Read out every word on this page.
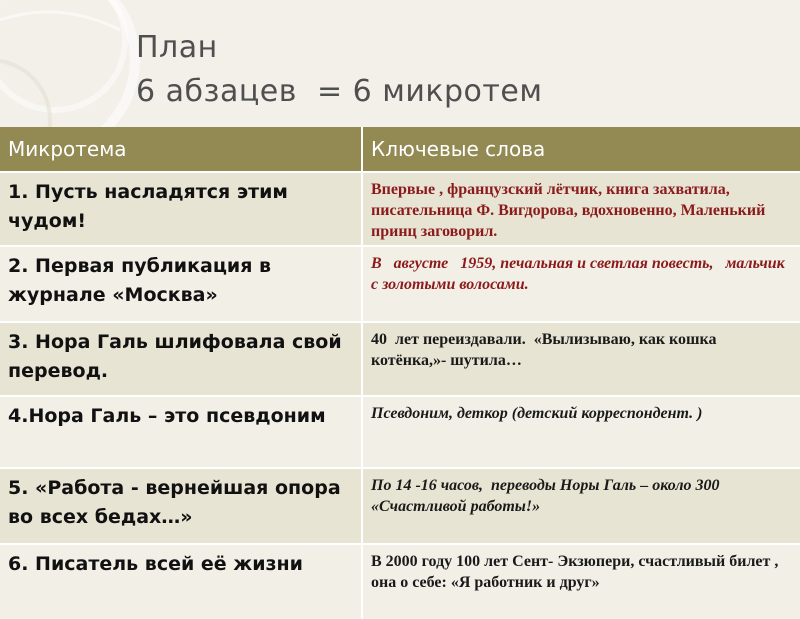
План
6 абзацев  = 6 микротем
Микротема	Ключевые слова
1. Пусть насладятся этим чудом!	Впервые , французский лётчик, книга захватила, писательница Ф. Вигдорова, вдохновенно, Маленький принц заговорил.

2. Первая публикация в журнале «Москва»	В   августе   1959, печальная и светлая повесть,   мальчик с золотыми волосами.

3. Нора Галь шлифовала свой перевод.	40  лет переиздавали.  «Вылизываю, как кошка котёнка,»- шутила…

4.Нора Галь – это псевдоним	Псевдоним, деткор (детский корреспондент. )

5. «Работа - вернейшая опора во всех бедах…»	По 14 -16 часов,  переводы Норы Галь – около 300 «Счастливой работы!»

6. Писатель всей её жизни	В 2000 году 100 лет Сент- Экзюпери, счастливый билет , она о себе: «Я работник и друг»
